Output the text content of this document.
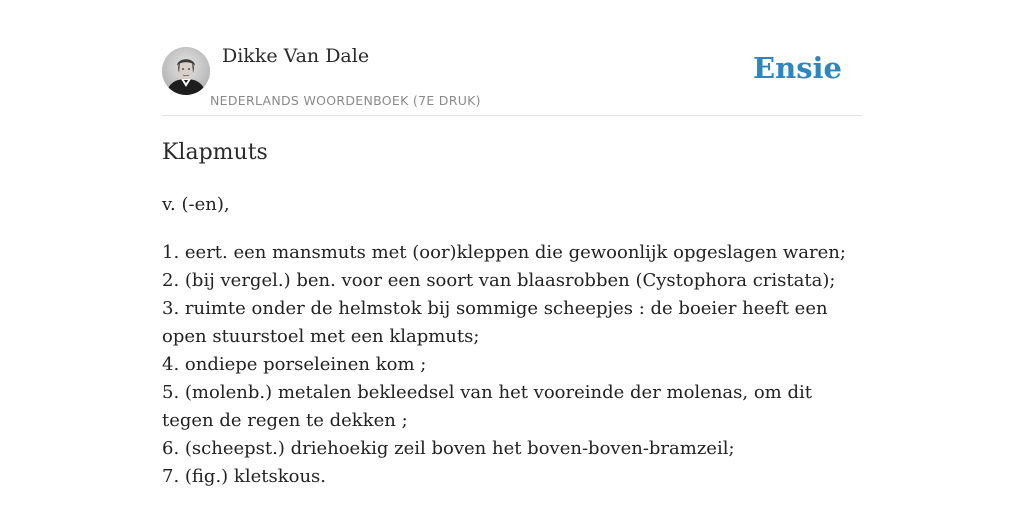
Dikke Van Dale
NEDERLANDS WOORDENBOEK (7E DRUK)
Ensie
Klapmuts
v. (-en),
1. eert. een mansmuts met (oor)kleppen die gewoonlijk opgeslagen waren;
2. (bij vergel.) ben. voor een soort van blaasrobben (Cystophora cristata);
3. ruimte onder de helmstok bij sommige scheepjes : de boeier heeft een open stuurstoel met een klapmuts;
4. ondiepe porseleinen kom ;
5. (molenb.) metalen bekleedsel van het vooreinde der molenas, om dit tegen de regen te dekken ;
6. (scheepst.) driehoekig zeil boven het boven-boven-bramzeil;
7. (fig.) kletskous.
